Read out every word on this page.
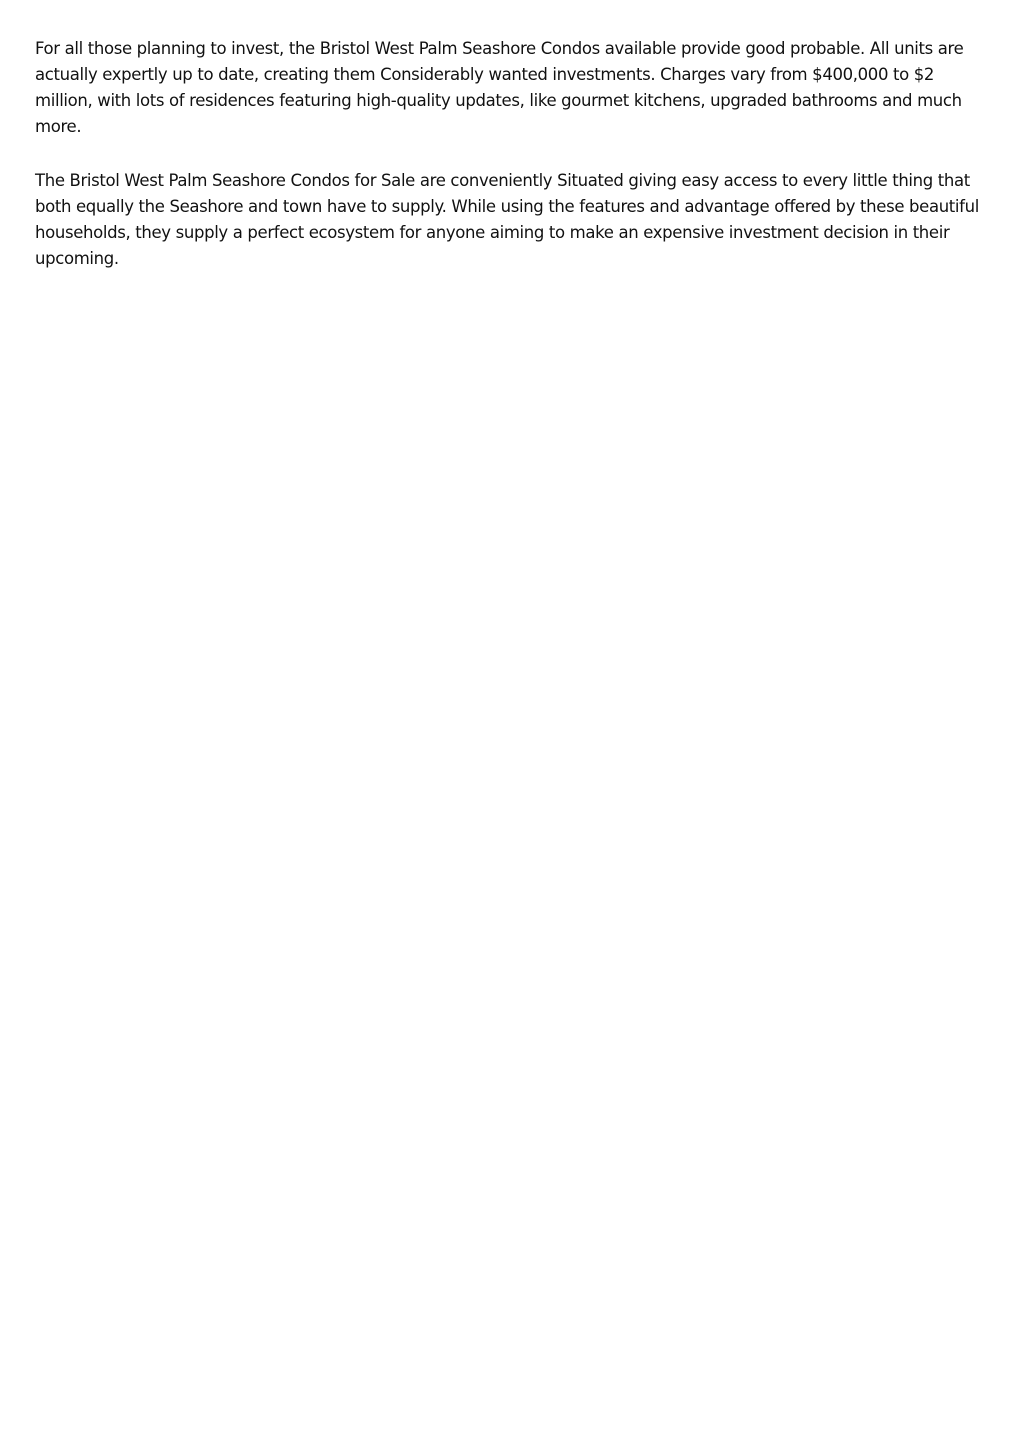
For all those planning to invest, the Bristol West Palm Seashore Condos available provide good probable. All units are actually expertly up to date, creating them Considerably wanted investments. Charges vary from $400,000 to $2 million, with lots of residences featuring high-quality updates, like gourmet kitchens, upgraded bathrooms and much more.

The Bristol West Palm Seashore Condos for Sale are conveniently Situated giving easy access to every little thing that both equally the Seashore and town have to supply. While using the features and advantage offered by these beautiful households, they supply a perfect ecosystem for anyone aiming to make an expensive investment decision in their upcoming.
